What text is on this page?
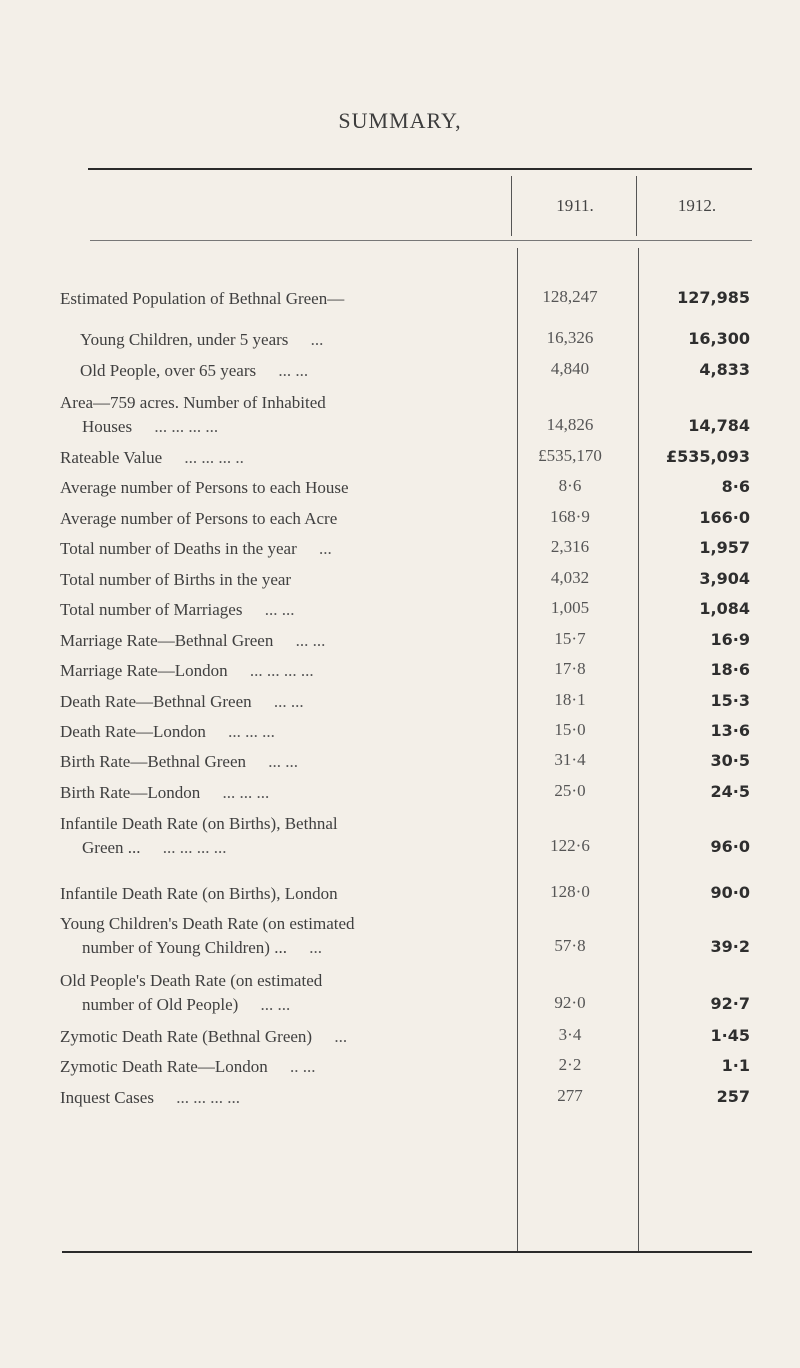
SUMMARY,
1911.	1912.
Estimated Population of Bethnal Green—	128,247	127,985
Young Children, under 5 years ...	16,326	16,300
Old People, over 65 years ... ...	4,840	4,833
Area—759 acres. Number of Inhabited
Houses ... ... ... ...	14,826	14,784
Rateable Value ... ... ... ..	£535,170	£535,093
Average number of Persons to each House	8·6	8·6
Average number of Persons to each Acre	168·9	166·0
Total number of Deaths in the year ...	2,316	1,957
Total number of Births in the year	4,032	3,904
Total number of Marriages ... ...	1,005	1,084
Marriage Rate—Bethnal Green ... ...	15·7	16·9
Marriage Rate—London ... ... ... ...	17·8	18·6
Death Rate—Bethnal Green ... ...	18·1	15·3
Death Rate—London ... ... ...	15·0	13·6
Birth Rate—Bethnal Green ... ...	31·4	30·5
Birth Rate—London ... ... ...	25·0	24·5
Infantile Death Rate (on Births), Bethnal
Green ... ... ... ... ...	122·6	96·0
Infantile Death Rate (on Births), London	128·0	90·0
Young Children's Death Rate (on estimated
number of Young Children) ... ...	57·8	39·2
Old People's Death Rate (on estimated
number of Old People) ... ...	92·0	92·7
Zymotic Death Rate (Bethnal Green) ...	3·4	1·45
Zymotic Death Rate—London .. ...	2·2	1·1
Inquest Cases ... ... ... ...	277	257
